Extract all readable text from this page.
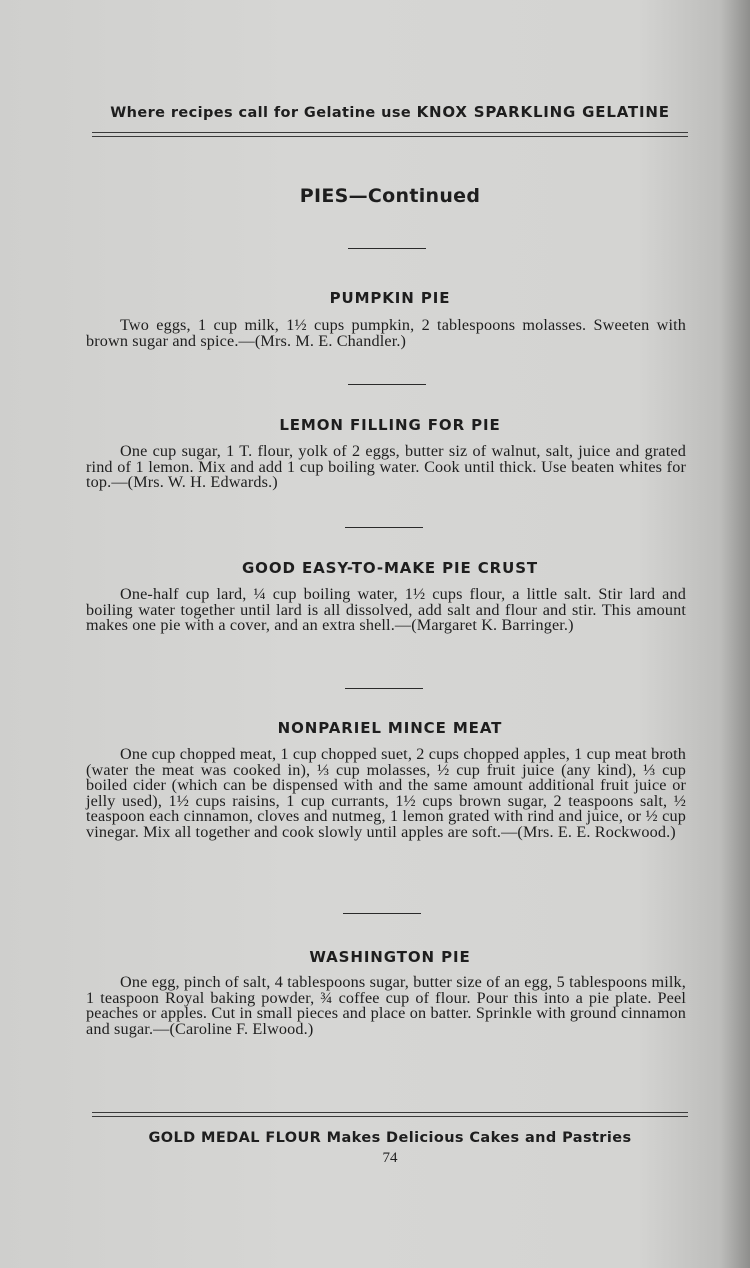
Where recipes call for Gelatine use KNOX SPARKLING GELATINE
PIES—Continued
PUMPKIN PIE
Two eggs, 1 cup milk, 1½ cups pumpkin, 2 tablespoons molasses. Sweeten with brown sugar and spice.—(Mrs. M. E. Chandler.)
LEMON FILLING FOR PIE
One cup sugar, 1 T. flour, yolk of 2 eggs, butter siz of walnut, salt, juice and grated rind of 1 lemon. Mix and add 1 cup boiling water. Cook until thick. Use beaten whites for top.—(Mrs. W. H. Edwards.)
GOOD EASY-TO-MAKE PIE CRUST
One-half cup lard, ¼ cup boiling water, 1½ cups flour, a little salt. Stir lard and boiling water together until lard is all dissolved, add salt and flour and stir. This amount makes one pie with a cover, and an extra shell.—(Margaret K. Barringer.)
NONPARIEL MINCE MEAT
One cup chopped meat, 1 cup chopped suet, 2 cups chopped apples, 1 cup meat broth (water the meat was cooked in), ⅓ cup molasses, ½ cup fruit juice (any kind), ⅓ cup boiled cider (which can be dispensed with and the same amount additional fruit juice or jelly used), 1½ cups raisins, 1 cup currants, 1½ cups brown sugar, 2 teaspoons salt, ½ teaspoon each cinnamon, cloves and nutmeg, 1 lemon grated with rind and juice, or ½ cup vinegar. Mix all together and cook slowly until apples are soft.—(Mrs. E. E. Rockwood.)
WASHINGTON PIE
One egg, pinch of salt, 4 tablespoons sugar, butter size of an egg, 5 tablespoons milk, 1 teaspoon Royal baking powder, ¾ coffee cup of flour. Pour this into a pie plate. Peel peaches or apples. Cut in small pieces and place on batter. Sprinkle with ground cinnamon and sugar.—(Caroline F. Elwood.)
GOLD MEDAL FLOUR Makes Delicious Cakes and Pastries
74
